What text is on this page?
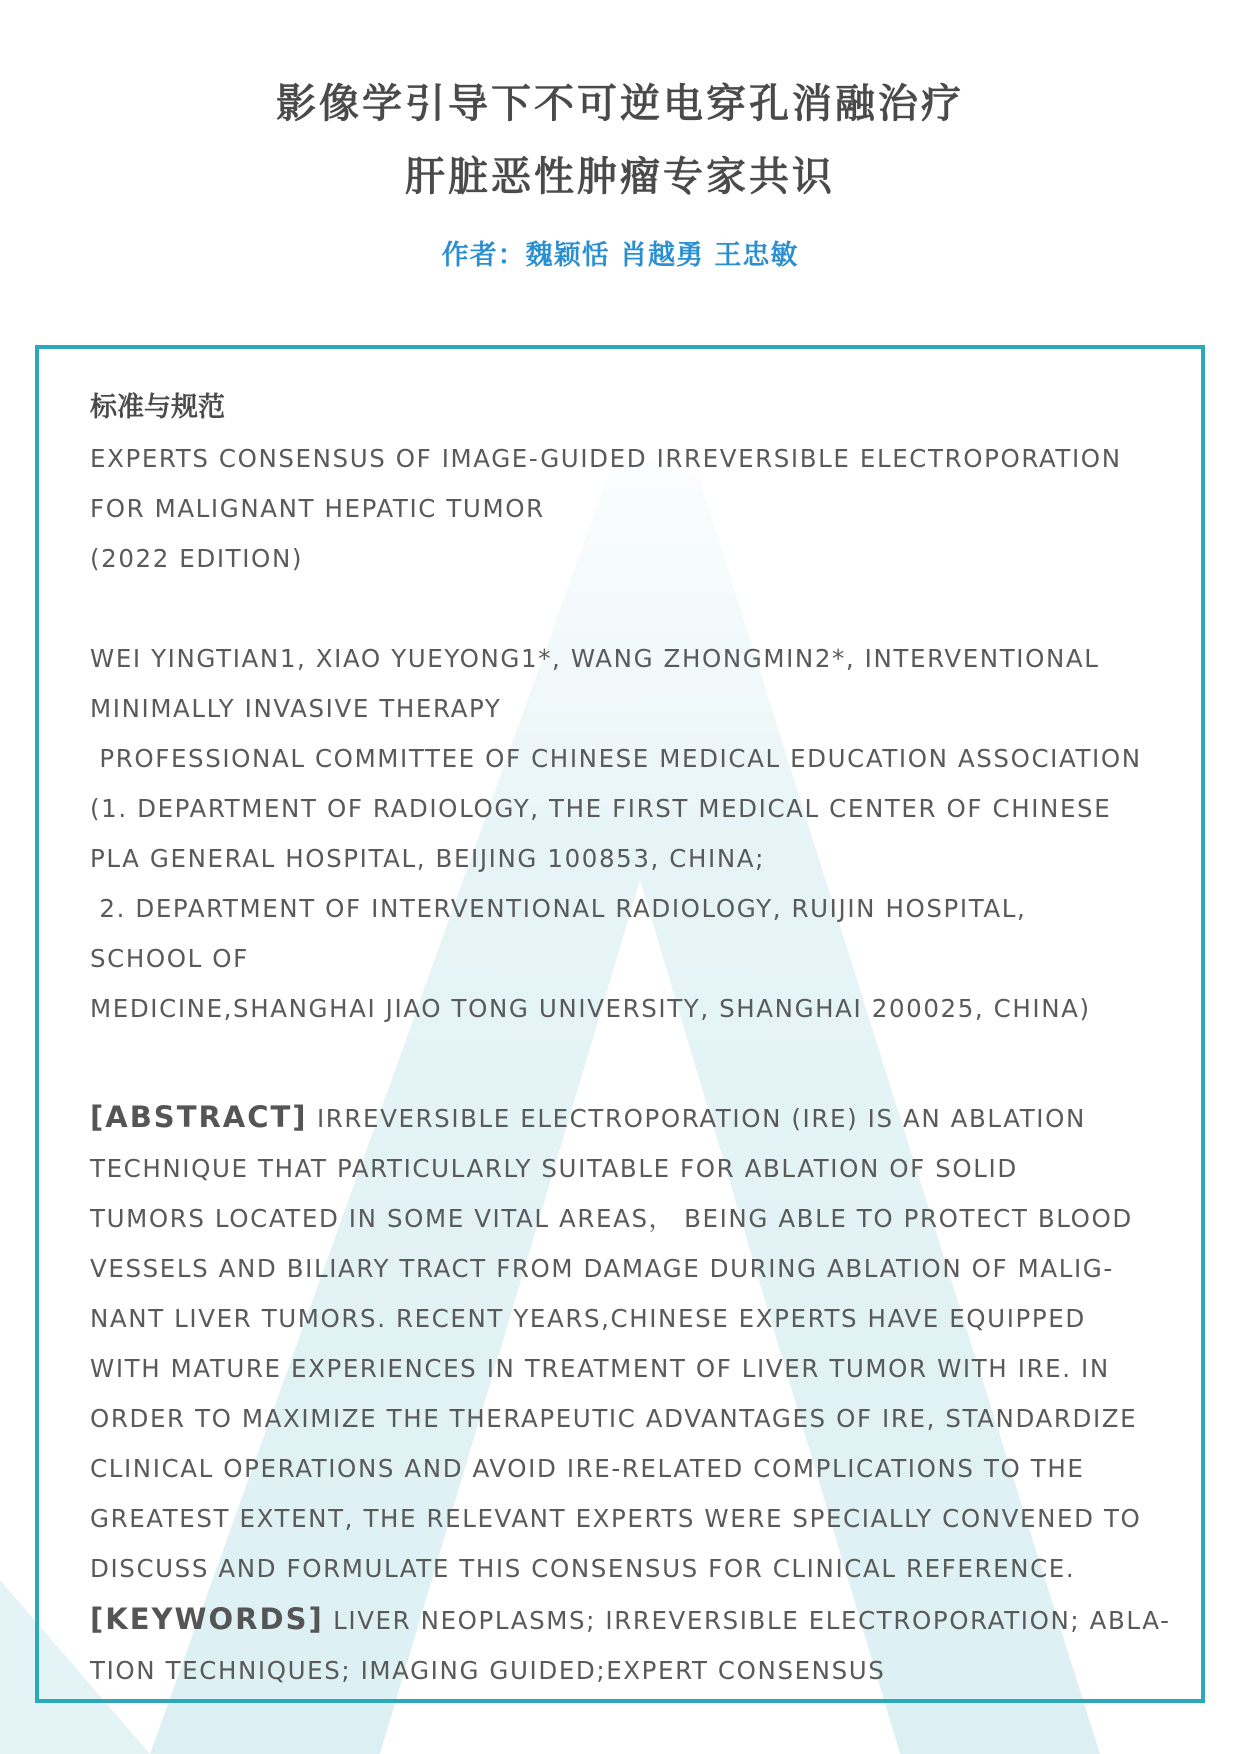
影像学引导下不可逆电穿孔消融治疗
肝脏恶性肿瘤专家共识
作者：魏颖恬 肖越勇 王忠敏
标准与规范
EXPERTS CONSENSUS OF IMAGE-GUIDED IRREVERSIBLE ELECTROPORATION
FOR MALIGNANT HEPATIC TUMOR
(2022 EDITION)
WEI YINGTIAN1, XIAO YUEYONG1*, WANG ZHONGMIN2*, INTERVENTIONAL
MINIMALLY INVASIVE THERAPY
PROFESSIONAL COMMITTEE OF CHINESE MEDICAL EDUCATION ASSOCIATION
(1. DEPARTMENT OF RADIOLOGY, THE FIRST MEDICAL CENTER OF CHINESE
PLA GENERAL HOSPITAL, BEIJING 100853, CHINA;
2. DEPARTMENT OF INTERVENTIONAL RADIOLOGY, RUIJIN HOSPITAL,
SCHOOL OF
MEDICINE,SHANGHAI JIAO TONG UNIVERSITY, SHANGHAI 200025, CHINA)
[ABSTRACT] IRREVERSIBLE ELECTROPORATION (IRE) IS AN ABLATION
TECHNIQUE THAT PARTICULARLY SUITABLE FOR ABLATION OF SOLID
TUMORS LOCATED IN SOME VITAL AREAS， BEING ABLE TO PROTECT BLOOD
VESSELS AND BILIARY TRACT FROM DAMAGE DURING ABLATION OF MALIG-
NANT LIVER TUMORS. RECENT YEARS,CHINESE EXPERTS HAVE EQUIPPED
WITH MATURE EXPERIENCES IN TREATMENT OF LIVER TUMOR WITH IRE. IN
ORDER TO MAXIMIZE THE THERAPEUTIC ADVANTAGES OF IRE, STANDARDIZE
CLINICAL OPERATIONS AND AVOID IRE-RELATED COMPLICATIONS TO THE
GREATEST EXTENT, THE RELEVANT EXPERTS WERE SPECIALLY CONVENED TO
DISCUSS AND FORMULATE THIS CONSENSUS FOR CLINICAL REFERENCE.
[KEYWORDS] LIVER NEOPLASMS; IRREVERSIBLE ELECTROPORATION; ABLA-
TION TECHNIQUES; IMAGING GUIDED;EXPERT CONSENSUS
